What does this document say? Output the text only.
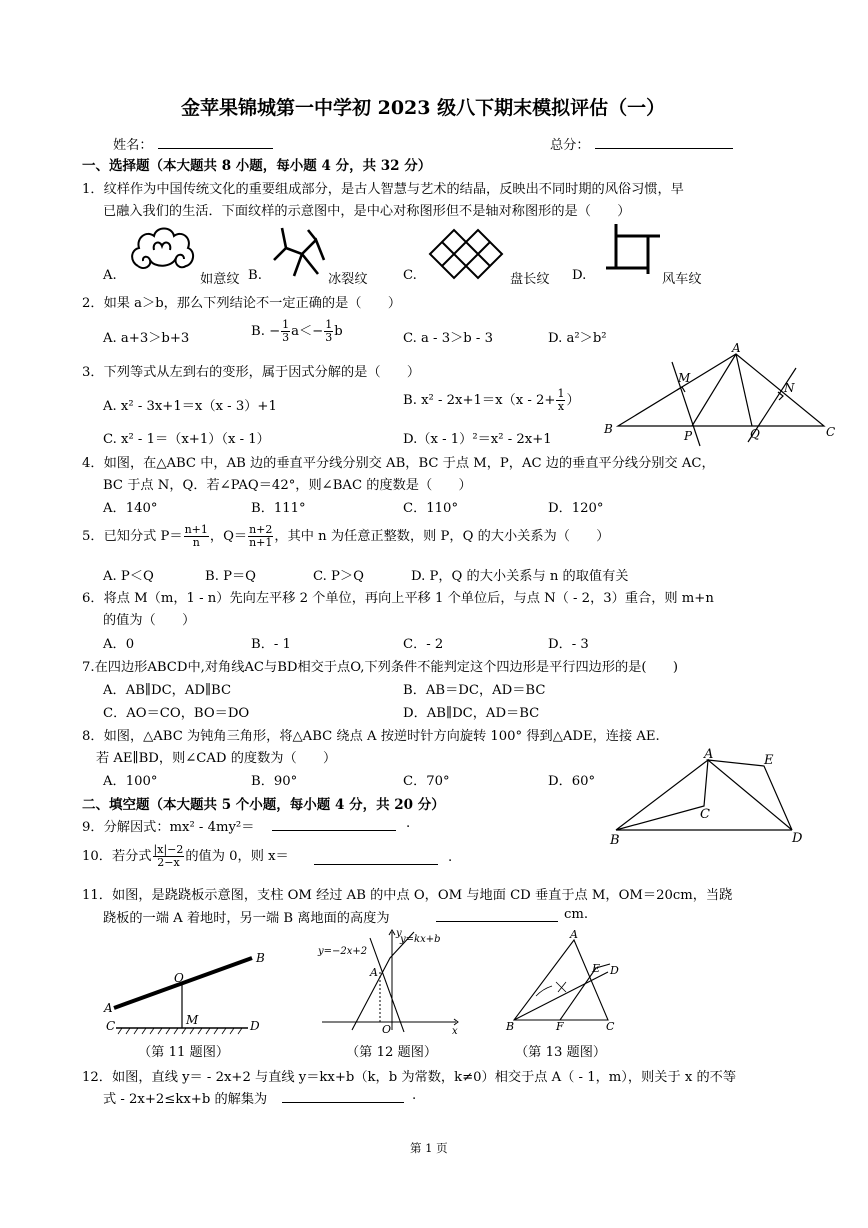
金苹果锦城第一中学初 2023 级八下期末模拟评估（一）
姓名：	总分：
一、选择题（本大题共 8 小题，每小题 4 分，共 32 分）
1．纹样作为中国传统文化的重要组成部分，是古人智慧与艺术的结晶，反映出不同时期的风俗习惯，早
已融入我们的生活．下面纹样的示意图中，是中心对称图形但不是轴对称图形的是（　　）
A.	如意纹 B.	冰裂纹	C.	盘长纹 D.	风车纹
2．如果 a＞b，那么下列结论不一定正确的是（　　）
A. a+3＞b+3	B. − $\frac{1}{3} a<- \frac{1}{3}$ b	C. a - 3＞b - 3	D. a²＞b²
3．下列等式从左到右的变形，属于因式分解的是（　　）
A. x² - 3x+1＝x（x - 3）+1	B. $x^2 - 2x+1=x(x - 2+ \frac{1}{x}$ ）
C. x² - 1＝（x+1）（x - 1）	D.（x - 1）²＝x² - 2x+1
A
B	C
M
N
P	Q
4．如图，在△ABC 中，AB 边的垂直平分线分别交 AB，BC 于点 M，P，AC 边的垂直平分线分别交 AC，
BC 于点 N，Q．若∠PAQ＝42°，则∠BAC 的度数是（　　）
A．140°	B．111°	C．110°	D．120°
5．已知分式 $P= \frac{n+1}{n}$ ，$Q= \frac{n+2}{n+1}$ ，其中 n 为任意正整数，则 P，Q 的大小关系为（　　）
A. P＜Q	B. P＝Q	C. P＞Q	D. P，Q 的大小关系与 n 的取值有关
6．将点 M（m，1 - n）先向左平移 2 个单位，再向上平移 1 个单位后，与点 N（ - 2，3）重合，则 m+n
的值为（　　）
A．0	B．- 1	C．- 2	D．- 3
7.在四边形ABCD中,对角线AC与BD相交于点O,下列条件不能判定这个四边形是平行四边形的是(　　)
A．AB∥DC，AD∥BC	B．AB＝DC，AD＝BC
C．AO＝CO，BO＝DO	D．AB∥DC，AD＝BC
8．如图，△ABC 为钝角三角形，将△ABC 绕点 A 按逆时针方向旋转 100° 得到△ADE，连接 AE.
若 AE∥BD，则∠CAD 的度数为（　　）
A．100°	B．90°	C．70°	D．60°
A
B
C
D
E
二、填空题（本大题共 5 个小题，每小题 4 分，共 20 分）
9．分解因式：mx² - 4my²＝	.
10．若分式 $\frac{|x|-2}{2-x}$ 的值为 0，则 x＝	.
11．如图，是跷跷板示意图，支柱 OM 经过 AB 的中点 O，OM 与地面 CD 垂直于点 M，OM＝20cm，当跷
跷板的一端 A 着地时，另一端 B 离地面的高度为	cm.
A
B
C	D
O
M
（第 11 题图）
y=−2x+2
y=kx+b
A
O	x
y
（第 12 题图）
A
B	C
D
E
F
（第 13 题图）
12．如图，直线 y＝ - 2x+2 与直线 y＝kx+b（k，b 为常数，k≠0）相交于点 A（ - 1，m），则关于 x 的不等
式 - 2x+2≤kx+b 的解集为	.
第 1 页
